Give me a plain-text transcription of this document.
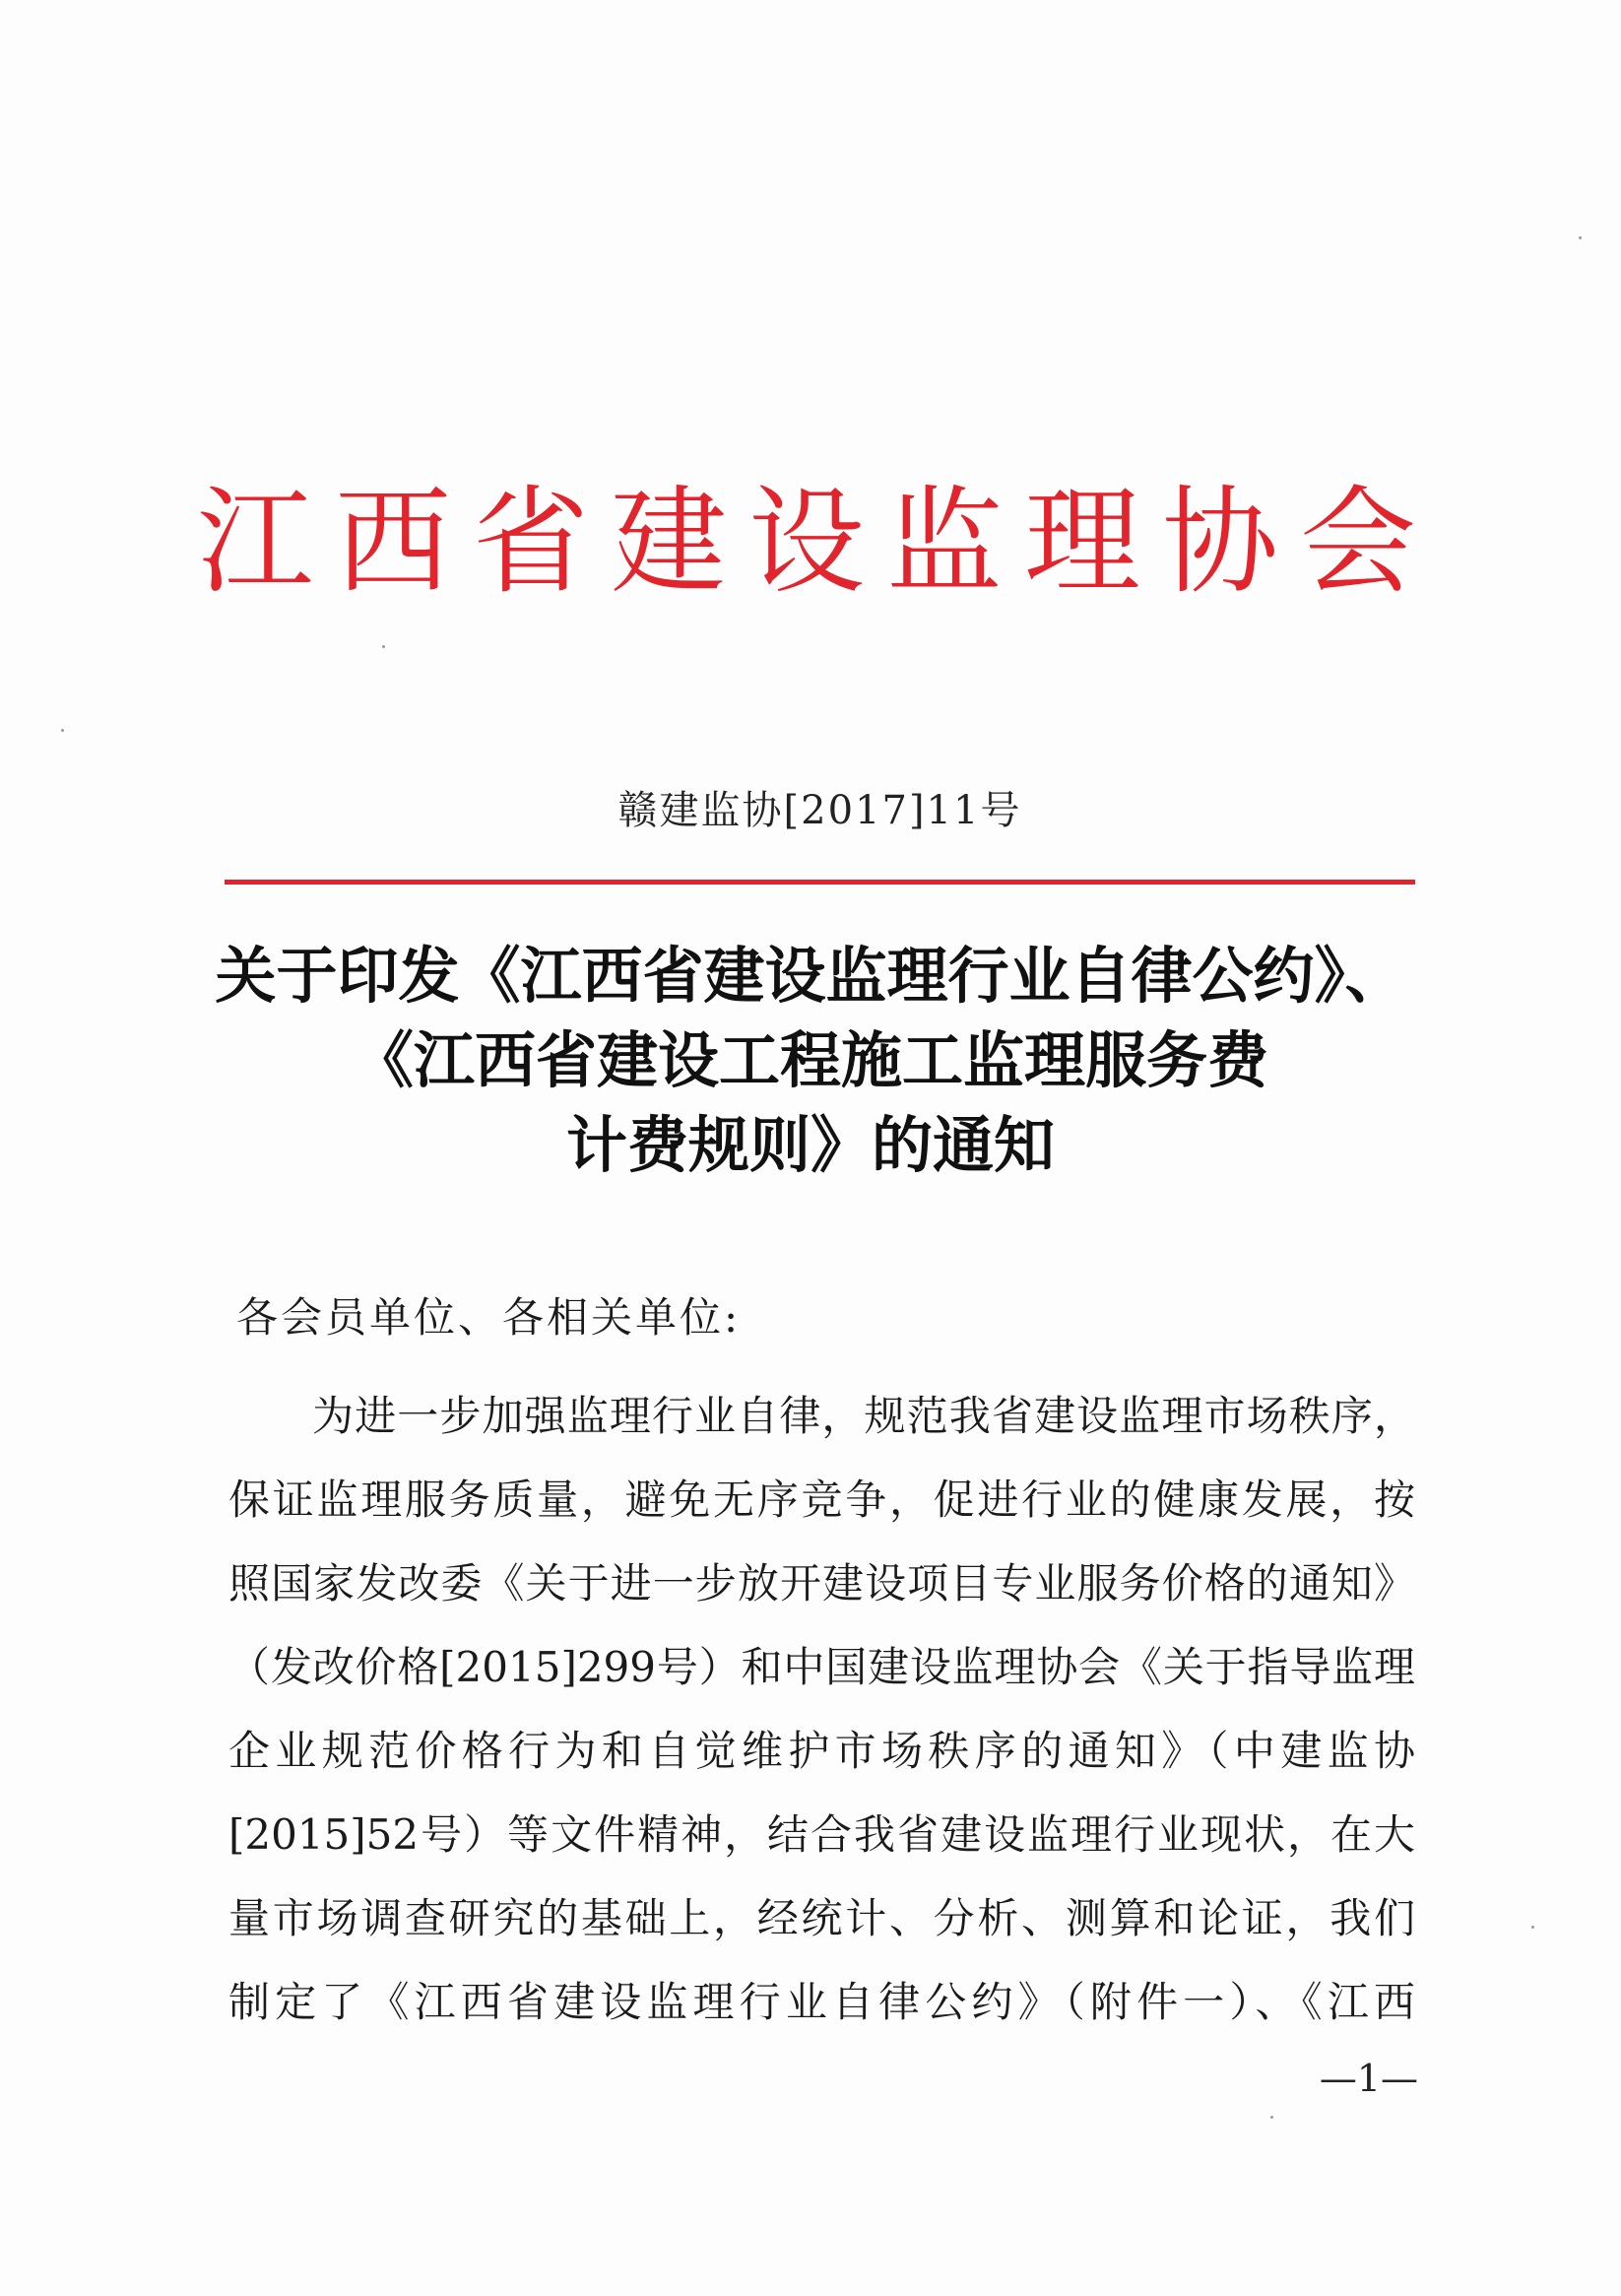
江西省建设监理协会
赣建监协[2017]11号
关于印发《江西省建设监理行业自律公约》、
《江西省建设工程施工监理服务费
计费规则》的通知
各会员单位、各相关单位:
为进一步加强监理行业自律，规范我省建设监理市场秩序，
保证监理服务质量，避免无序竞争，促进行业的健康发展，按
照国家发改委《关于进一步放开建设项目专业服务价格的通知》
（发改价格[2015]299号）和中国建设监理协会《关于指导监理
企业规范价格行为和自觉维护市场秩序的通知》（中建监协
[2015]52号）等文件精神，结合我省建设监理行业现状，在大
量市场调查研究的基础上，经统计、分析、测算和论证，我们
制定了《江西省建设监理行业自律公约》（附件一）、《江西
—1—
